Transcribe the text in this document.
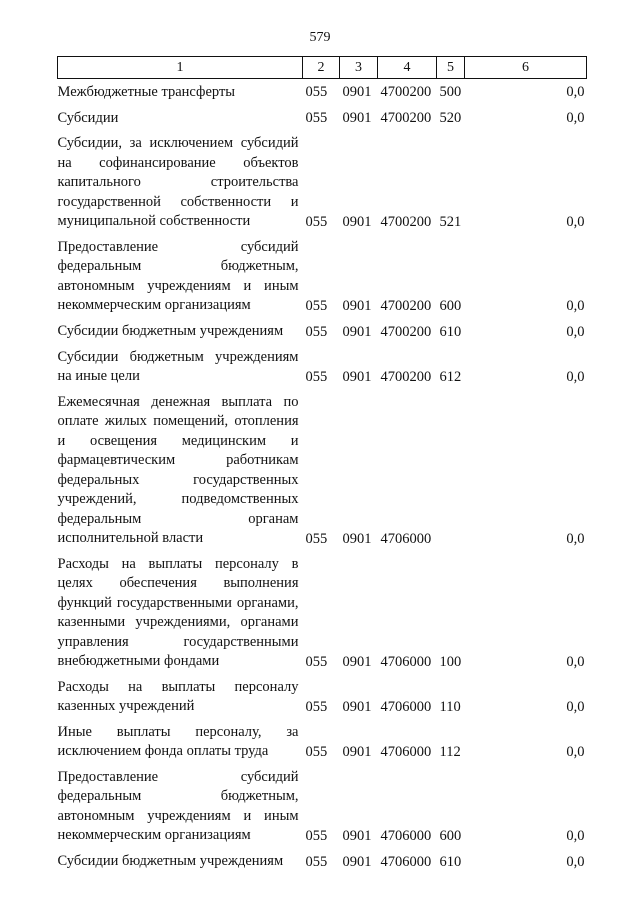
579
1	2	3	4	5	6
Межбюджетные трансферты	055	0901	4700200	500	0,0
Субсидии	055	0901	4700200	520	0,0
Субсидии, за исключением субсидий на софинансирование объектов капитального строительства государственной собственности и муниципальной собственности	055	0901	4700200	521	0,0
Предоставление субсидий федеральным бюджетным, автономным учреждениям и иным некоммерческим организациям	055	0901	4700200	600	0,0
Субсидии бюджетным учреждениям	055	0901	4700200	610	0,0
Субсидии бюджетным учреждениям на иные цели	055	0901	4700200	612	0,0
Ежемесячная денежная выплата по оплате жилых помещений, отопления и освещения медицинским и фармацевтическим работникам федеральных государственных учреждений, подведомственных федеральным органам исполнительной власти	055	0901	4706000		0,0
Расходы на выплаты персоналу в целях обеспечения выполнения функций государственными органами, казенными учреждениями, органами управления государственными внебюджетными фондами	055	0901	4706000	100	0,0
Расходы на выплаты персоналу казенных учреждений	055	0901	4706000	110	0,0
Иные выплаты персоналу, за исключением фонда оплаты труда	055	0901	4706000	112	0,0
Предоставление субсидий федеральным бюджетным, автономным учреждениям и иным некоммерческим организациям	055	0901	4706000	600	0,0
Субсидии бюджетным учреждениям	055	0901	4706000	610	0,0
